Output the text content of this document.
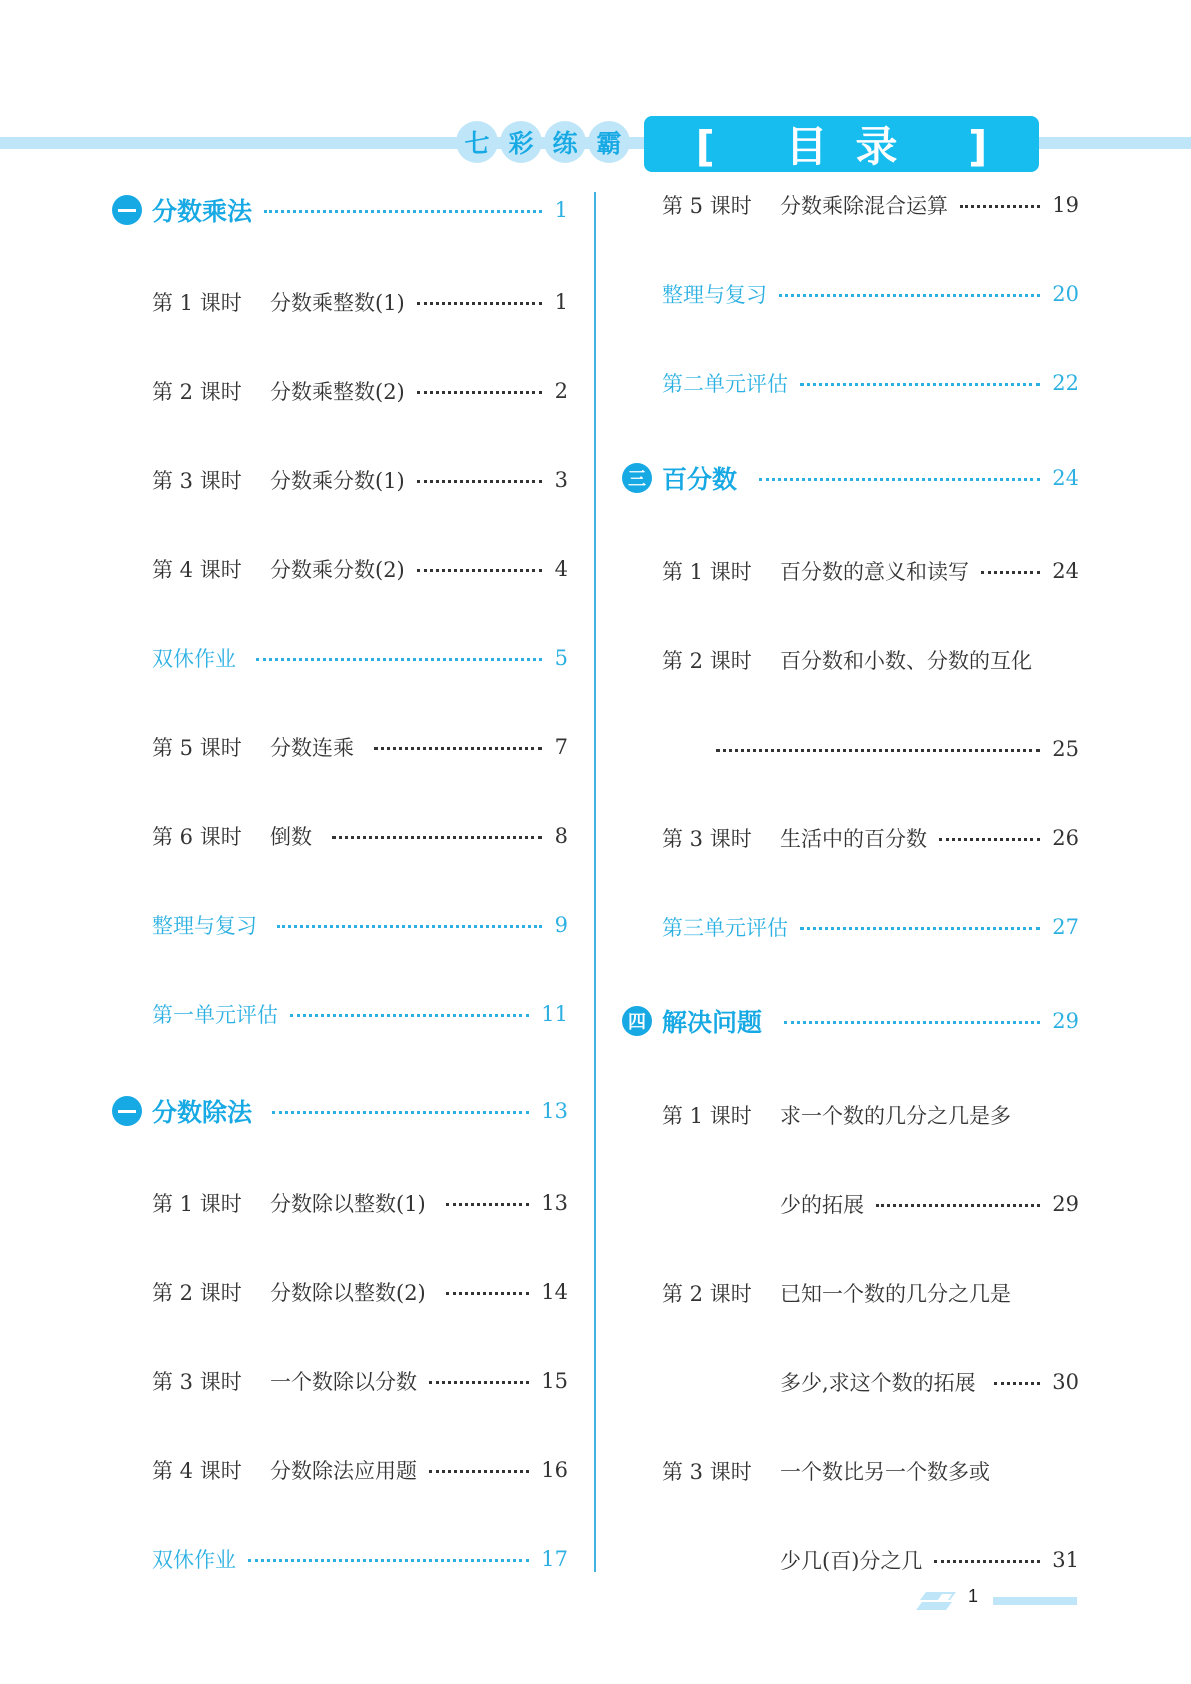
七 彩 练 霸	[ 目录 ]
分数乘法	1
第 1 课时	分数乘整数(1)	1
第 2 课时	分数乘整数(2)	2
第 3 课时	分数乘分数(1)	3
第 4 课时	分数乘分数(2)	4
双休作业	5
第 5 课时	分数连乘	7
第 6 课时	倒数	8
整理与复习	9
第一单元评估	11
分数除法	13
第 1 课时	分数除以整数(1)	13
第 2 课时	分数除以整数(2)	14
第 3 课时	一个数除以分数	15
第 4 课时	分数除法应用题	16
双休作业	17
第 5 课时	分数乘除混合运算	19
整理与复习	20
第二单元评估	22
三 百分数	24
第 1 课时	百分数的意义和读写	24
第 2 课时	百分数和小数、分数的互化
25
第 3 课时	生活中的百分数	26
第三单元评估	27
四 解决问题	29
第 1 课时	求一个数的几分之几是多
少的拓展	29
第 2 课时	已知一个数的几分之几是
多少,求这个数的拓展	30
第 3 课时	一个数比另一个数多或
少几(百)分之几	31
1
